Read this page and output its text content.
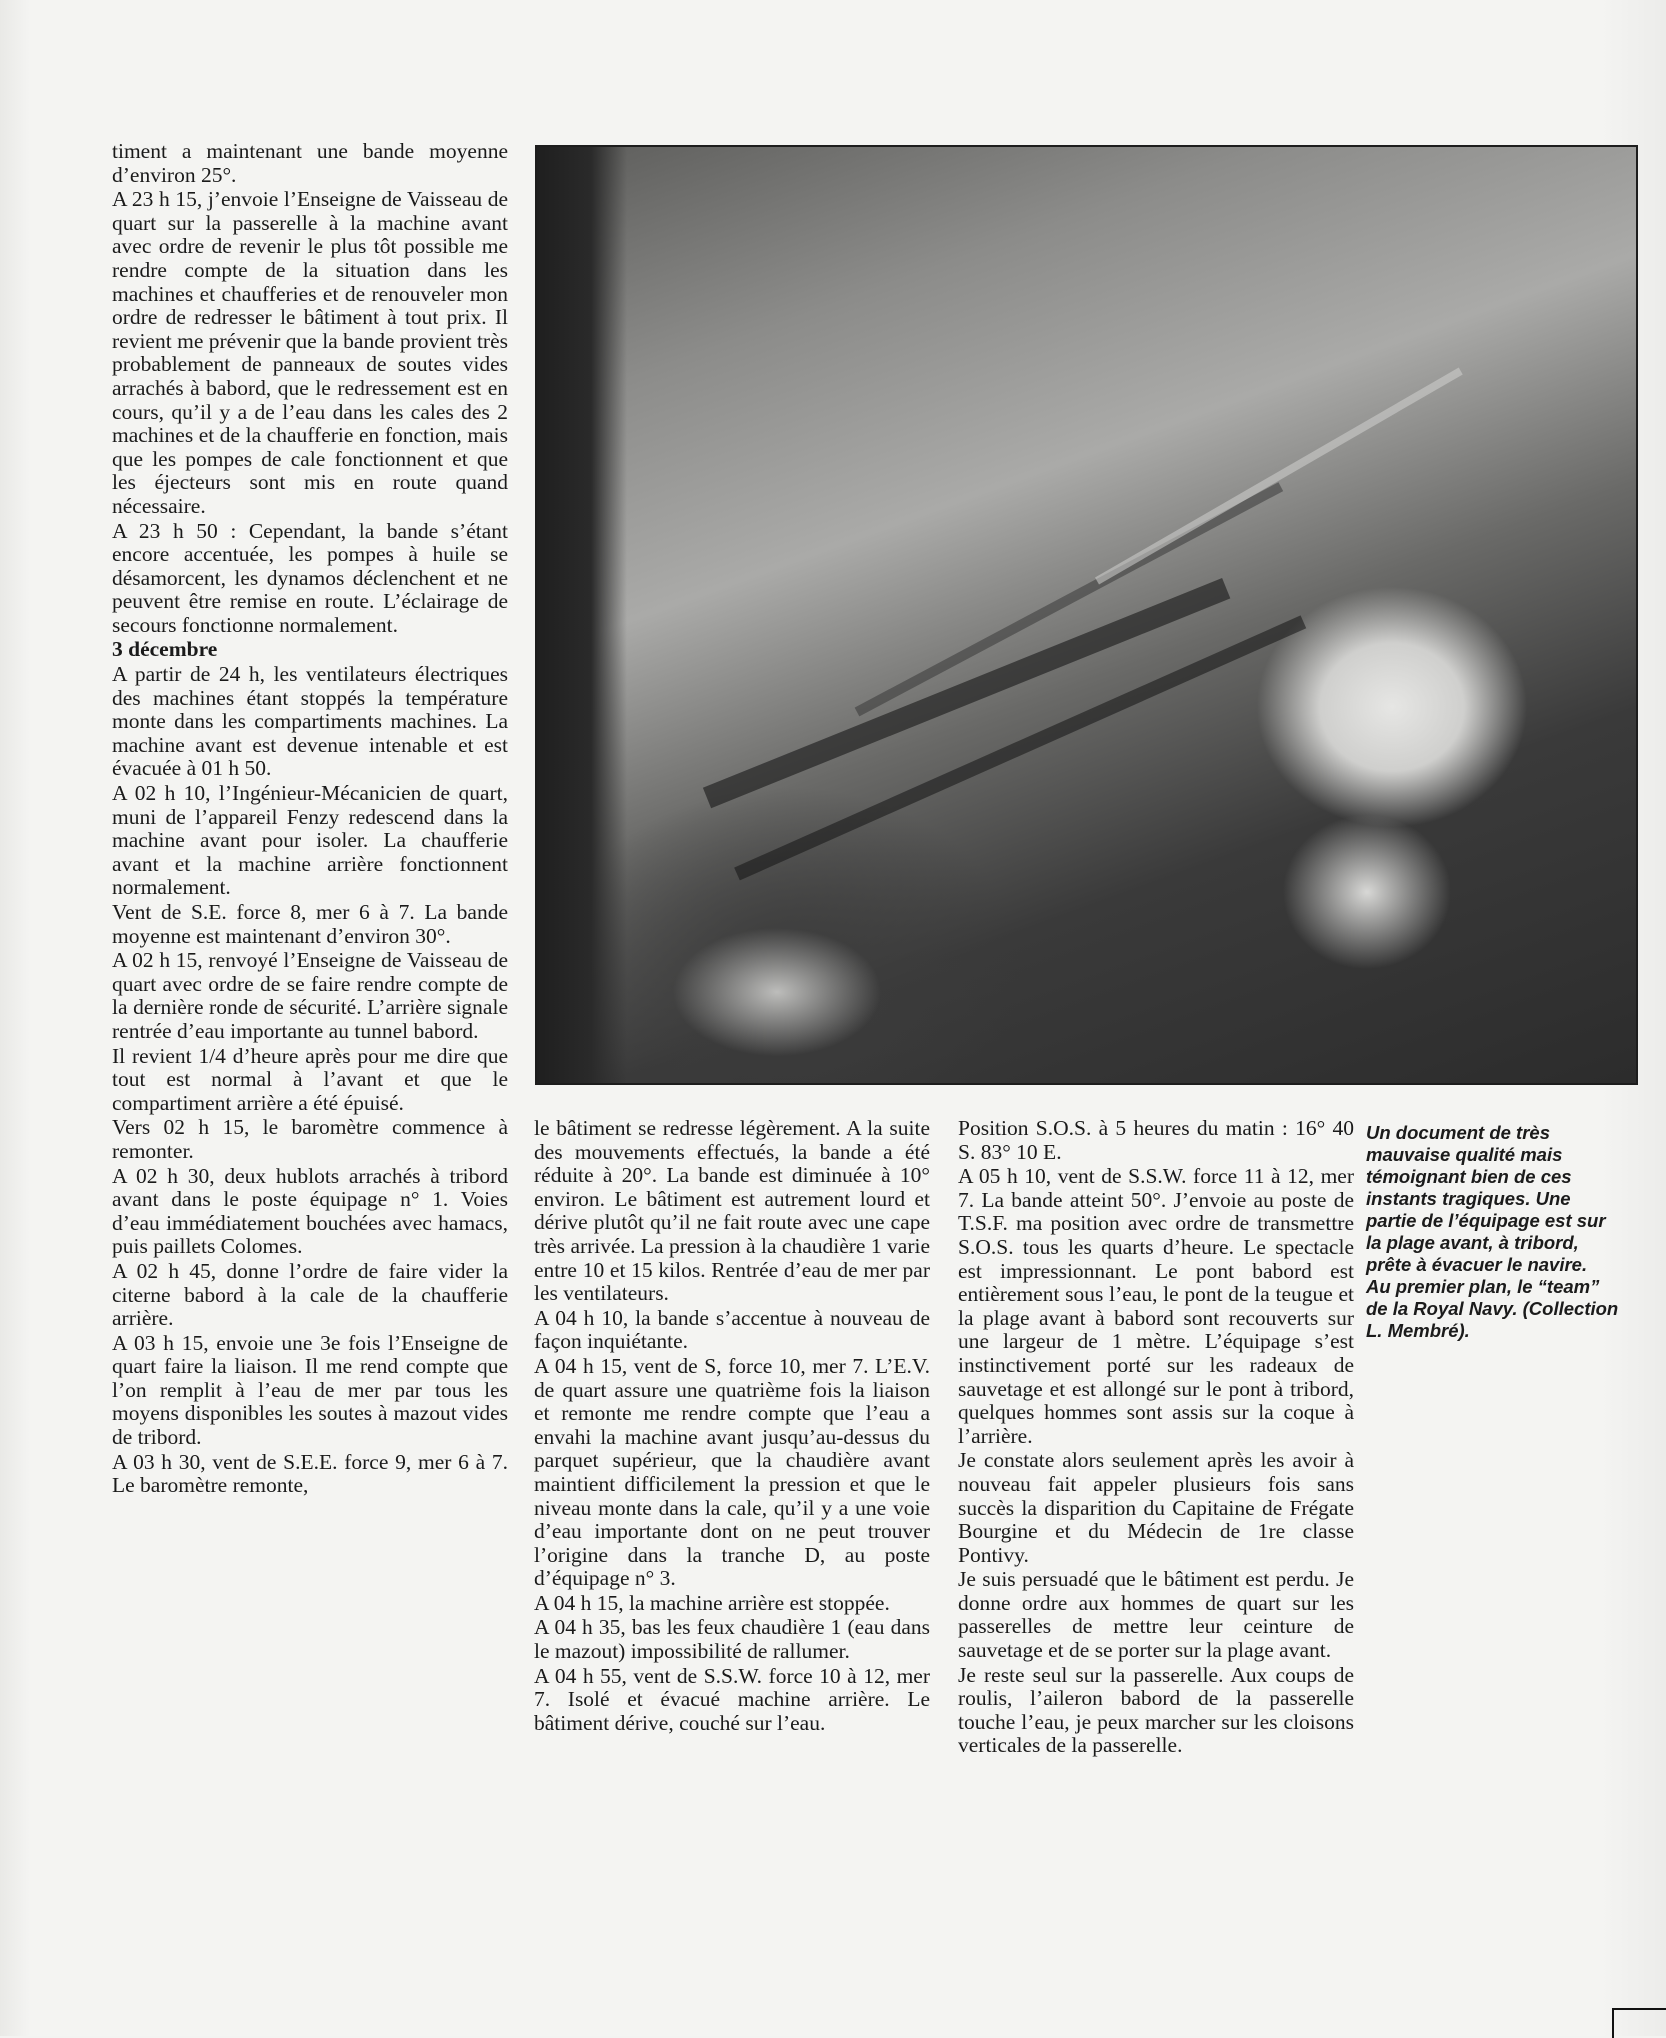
timent a maintenant une bande moyenne d’environ 25°.

A 23 h 15, j’envoie l’Enseigne de Vaisseau de quart sur la passerelle à la machine avant avec ordre de revenir le plus tôt possible me rendre compte de la situation dans les machines et chaufferies et de renouveler mon ordre de redresser le bâtiment à tout prix. Il revient me prévenir que la bande provient très probablement de panneaux de soutes vides arrachés à babord, que le redressement est en cours, qu’il y a de l’eau dans les cales des 2 machines et de la chaufferie en fonction, mais que les pompes de cale fonctionnent et que les éjecteurs sont mis en route quand nécessaire.

A 23 h 50 : Cependant, la bande s’étant encore accentuée, les pompes à huile se désamorcent, les dynamos déclenchent et ne peuvent être remise en route. L’éclairage de secours fonctionne normalement.

3 décembre

A partir de 24 h, les ventilateurs électriques des machines étant stoppés la température monte dans les compartiments machines. La machine avant est devenue intenable et est évacuée à 01 h 50.

A 02 h 10, l’Ingénieur-Mécanicien de quart, muni de l’appareil Fenzy redescend dans la machine avant pour isoler. La chaufferie avant et la machine arrière fonctionnent normalement.

Vent de S.E. force 8, mer 6 à 7. La bande moyenne est maintenant d’environ 30°.

A 02 h 15, renvoyé l’Enseigne de Vaisseau de quart avec ordre de se faire rendre compte de la dernière ronde de sécurité. L’arrière signale rentrée d’eau importante au tunnel babord.

Il revient 1/4 d’heure après pour me dire que tout est normal à l’avant et que le compartiment arrière a été épuisé.

Vers 02 h 15, le baromètre commence à remonter.

A 02 h 30, deux hublots arrachés à tribord avant dans le poste équipage n° 1. Voies d’eau immédiatement bouchées avec hamacs, puis paillets Colomes.

A 02 h 45, donne l’ordre de faire vider la citerne babord à la cale de la chaufferie arrière.

A 03 h 15, envoie une 3e fois l’Enseigne de quart faire la liaison. Il me rend compte que l’on remplit à l’eau de mer par tous les moyens disponibles les soutes à mazout vides de tribord.

A 03 h 30, vent de S.E.E. force 9, mer 6 à 7. Le baromètre remonte,

le bâtiment se redresse légèrement. A la suite des mouvements effectués, la bande a été réduite à 20°. La bande est diminuée à 10° environ. Le bâtiment est autrement lourd et dérive plutôt qu’il ne fait route avec une cape très arrivée. La pression à la chaudière 1 varie entre 10 et 15 kilos. Rentrée d’eau de mer par les ventilateurs.

A 04 h 10, la bande s’accentue à nouveau de façon inquiétante.

A 04 h 15, vent de S, force 10, mer 7. L’E.V. de quart assure une quatrième fois la liaison et remonte me rendre compte que l’eau a envahi la machine avant jusqu’au-dessus du parquet supérieur, que la chaudière avant maintient difficilement la pression et que le niveau monte dans la cale, qu’il y a une voie d’eau importante dont on ne peut trouver l’origine dans la tranche D, au poste d’équipage n° 3.

A 04 h 15, la machine arrière est stoppée.

A 04 h 35, bas les feux chaudière 1 (eau dans le mazout) impossibilité de rallumer.

A 04 h 55, vent de S.S.W. force 10 à 12, mer 7. Isolé et évacué machine arrière. Le bâtiment dérive, couché sur l’eau.

Position S.O.S. à 5 heures du matin : 16° 40 S. 83° 10 E.

A 05 h 10, vent de S.S.W. force 11 à 12, mer 7. La bande atteint 50°. J’envoie au poste de T.S.F. ma position avec ordre de transmettre S.O.S. tous les quarts d’heure. Le spectacle est impressionnant. Le pont babord est entièrement sous l’eau, le pont de la teugue et la plage avant à babord sont recouverts sur une largeur de 1 mètre. L’équipage s’est instinctivement porté sur les radeaux de sauvetage et est allongé sur le pont à tribord, quelques hommes sont assis sur la coque à l’arrière.

Je constate alors seulement après les avoir à nouveau fait appeler plusieurs fois sans succès la disparition du Capitaine de Frégate Bourgine et du Médecin de 1re classe Pontivy.

Je suis persuadé que le bâtiment est perdu. Je donne ordre aux hommes de quart sur les passerelles de mettre leur ceinture de sauvetage et de se porter sur la plage avant.

Je reste seul sur la passerelle. Aux coups de roulis, l’aileron babord de la passerelle touche l’eau, je peux marcher sur les cloisons verticales de la passerelle.

Un document de très mauvaise qualité mais témoignant bien de ces instants tragiques. Une partie de l’équipage est sur la plage avant, à tribord, prête à évacuer le navire.

Au premier plan, le “team” de la Royal Navy. (Collection L. Membré).
